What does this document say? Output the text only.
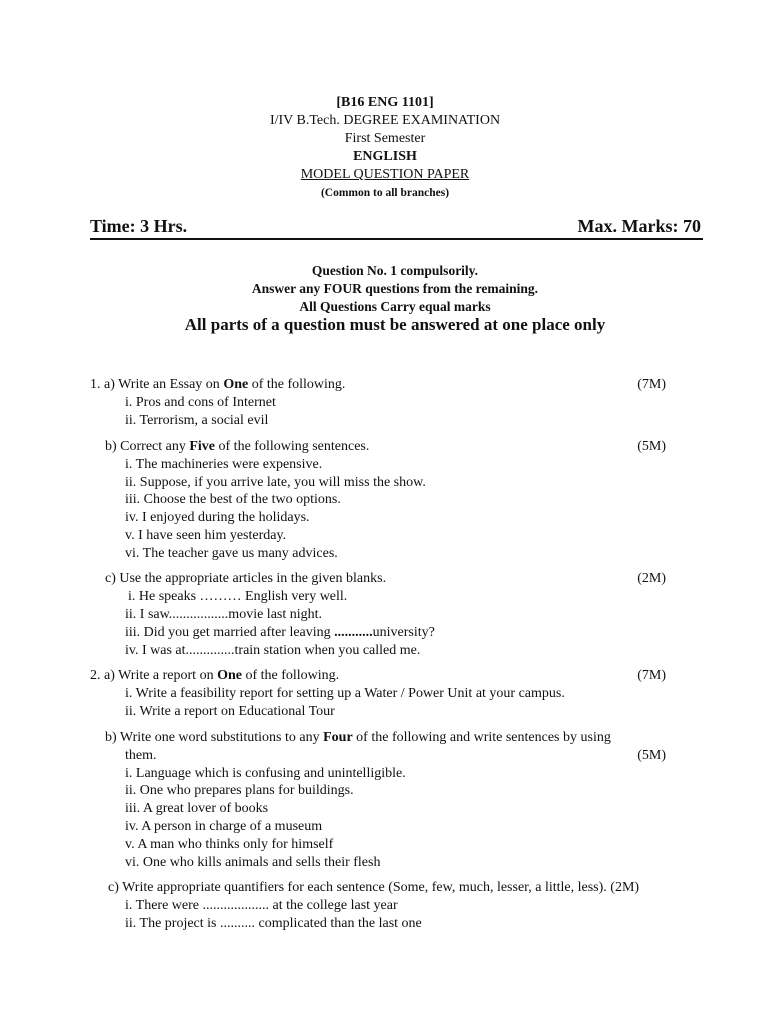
[B16 ENG 1101]
I/IV B.Tech. DEGREE EXAMINATION
First Semester
ENGLISH
MODEL QUESTION PAPER
(Common to all branches)
Time: 3 Hrs.	Max. Marks: 70
Question No. 1 compulsorily.
Answer any FOUR questions from the remaining.
All Questions Carry equal marks
All parts of a question must be answered at one place only
1. a) Write an Essay on One of the following.	(7M)
i. Pros and cons of Internet
ii. Terrorism, a social evil
b) Correct any Five of the following sentences.	(5M)
i. The machineries were expensive.
ii. Suppose, if you arrive late, you will miss the show.
iii. Choose the best of the two options.
iv. I enjoyed during the holidays.
v. I have seen him yesterday.
vi. The teacher gave us many advices.
c) Use the appropriate articles in the given blanks.	(2M)
i. He speaks ……… English very well.
ii. I saw.................movie last night.
iii. Did you get married after leaving ...........university?
iv. I was at..............train station when you called me.
2. a) Write a report on One of the following.	(7M)
i. Write a feasibility report for setting up a Water / Power Unit at your campus.
ii. Write a report on Educational Tour
b) Write one word substitutions to any Four of the following and write sentences by using
them.	(5M)
i. Language which is confusing and unintelligible.
ii. One who prepares plans for buildings.
iii. A great lover of books
iv. A person in charge of a museum
v. A man who thinks only for himself
vi. One who kills animals and sells their flesh
c) Write appropriate quantifiers for each sentence (Some, few, much, lesser, a little, less). (2M)
i. There were ................... at the college last year
ii. The project is .......... complicated than the last one
